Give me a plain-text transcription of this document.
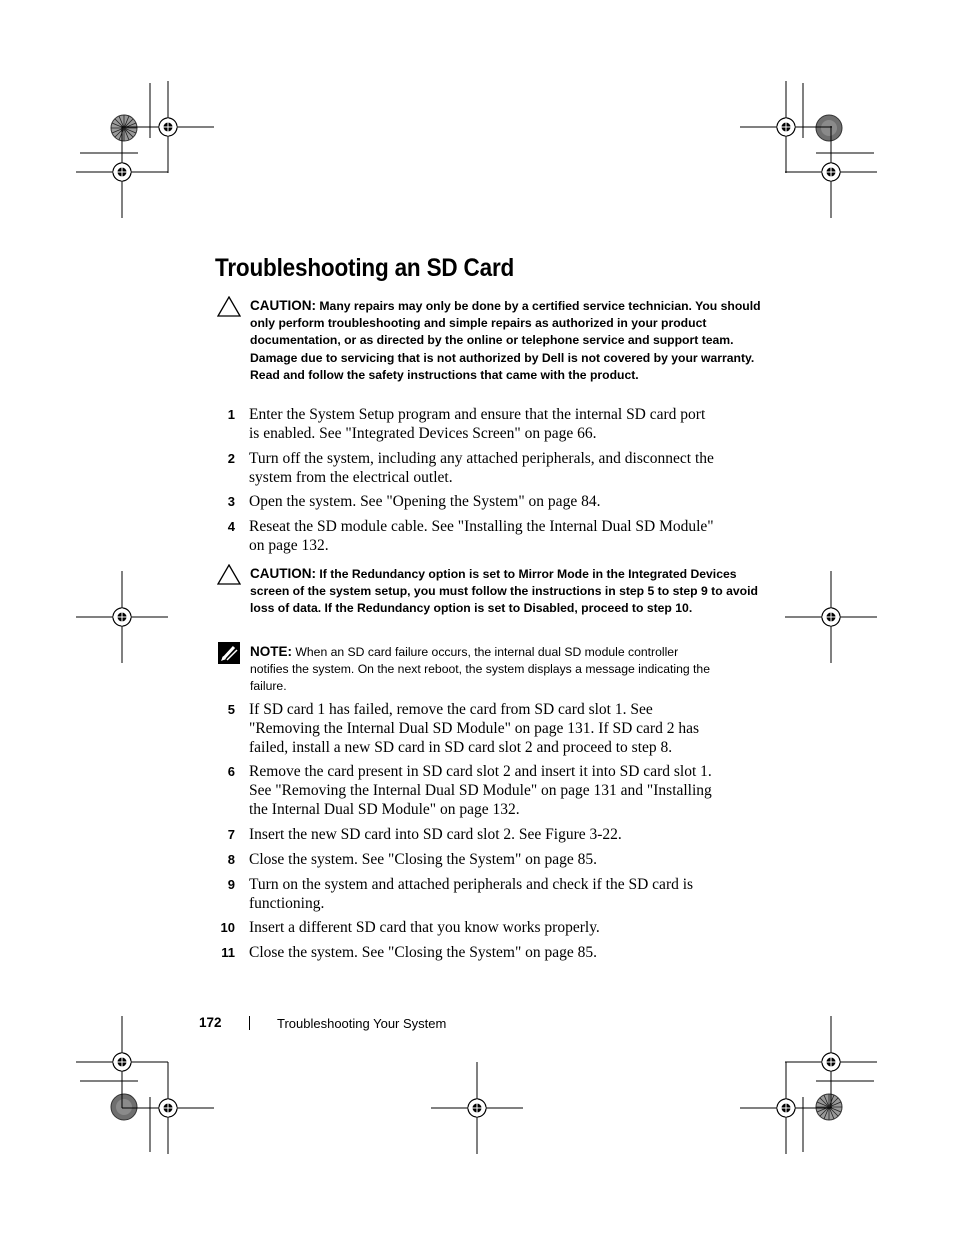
Troubleshooting an SD Card
CAUTION: Many repairs may only be done by a certified service technician. You should only perform troubleshooting and simple repairs as authorized in your product documentation, or as directed by the online or telephone service and support team. Damage due to servicing that is not authorized by Dell is not covered by your warranty. Read and follow the safety instructions that came with the product.
1 Enter the System Setup program and ensure that the internal SD card port is enabled. See "Integrated Devices Screen" on page 66.
2 Turn off the system, including any attached peripherals, and disconnect the system from the electrical outlet.
3 Open the system. See "Opening the System" on page 84.
4 Reseat the SD module cable. See "Installing the Internal Dual SD Module" on page 132.
CAUTION: If the Redundancy option is set to Mirror Mode in the Integrated Devices screen of the system setup, you must follow the instructions in step 5 to step 9 to avoid loss of data. If the Redundancy option is set to Disabled, proceed to step 10.
NOTE: When an SD card failure occurs, the internal dual SD module controller notifies the system. On the next reboot, the system displays a message indicating the failure.
5 If SD card 1 has failed, remove the card from SD card slot 1. See "Removing the Internal Dual SD Module" on page 131. If SD card 2 has failed, install a new SD card in SD card slot 2 and proceed to step 8.
6 Remove the card present in SD card slot 2 and insert it into SD card slot 1. See "Removing the Internal Dual SD Module" on page 131 and "Installing the Internal Dual SD Module" on page 132.
7 Insert the new SD card into SD card slot 2. See Figure 3-22.
8 Close the system. See "Closing the System" on page 85.
9 Turn on the system and attached peripherals and check if the SD card is functioning.
10 Insert a different SD card that you know works properly.
11 Close the system. See "Closing the System" on page 85.
172	Troubleshooting Your System
